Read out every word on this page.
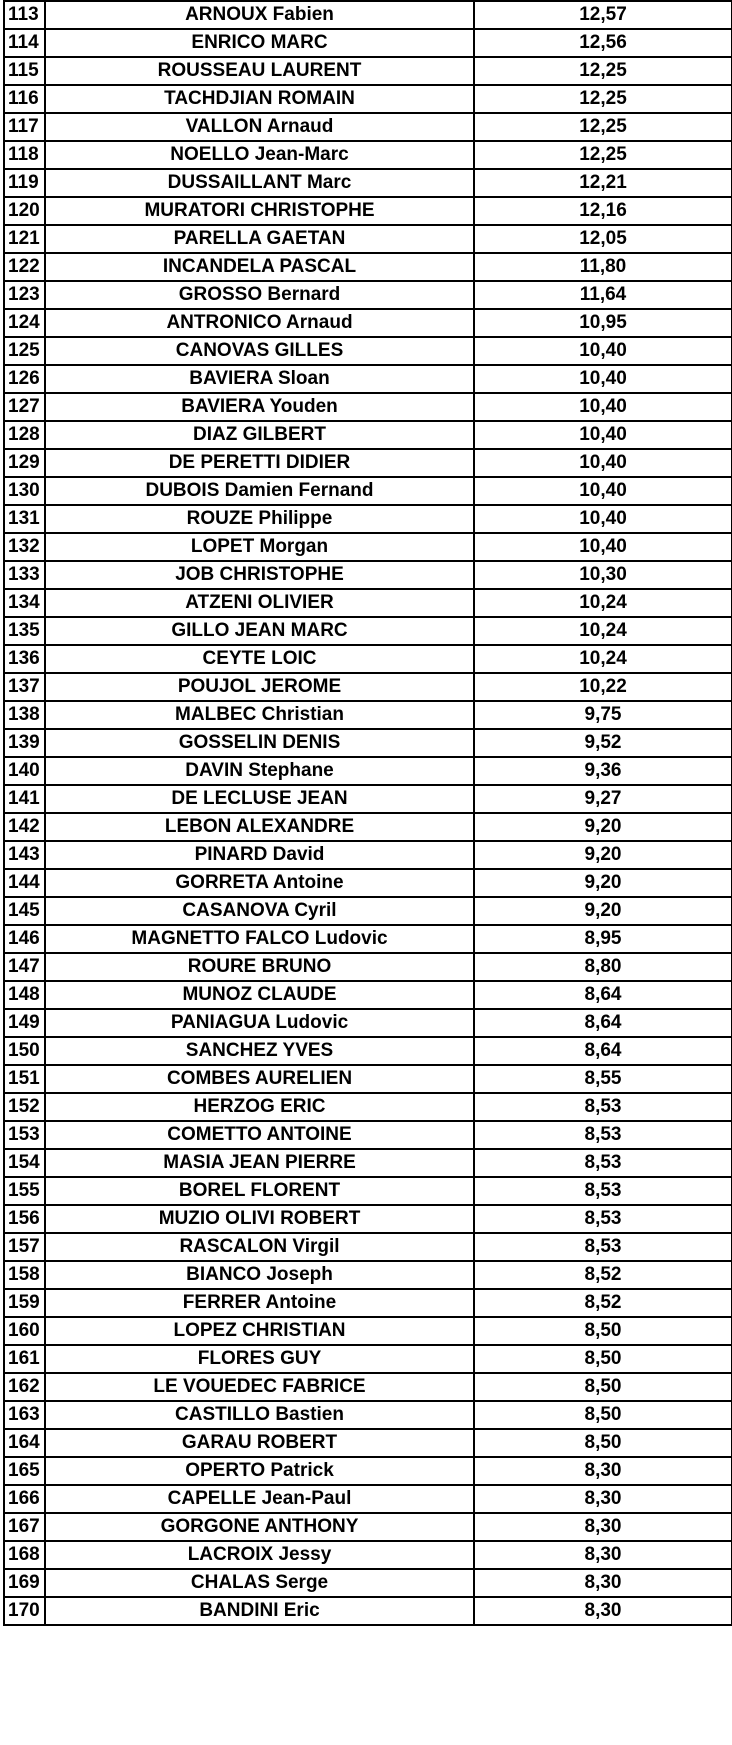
113	ARNOUX Fabien	12,57
114	ENRICO MARC	12,56
115	ROUSSEAU LAURENT	12,25
116	TACHDJIAN ROMAIN	12,25
117	VALLON Arnaud	12,25
118	NOELLO Jean-Marc	12,25
119	DUSSAILLANT Marc	12,21
120	MURATORI CHRISTOPHE	12,16
121	PARELLA GAETAN	12,05
122	INCANDELA PASCAL	11,80
123	GROSSO Bernard	11,64
124	ANTRONICO Arnaud	10,95
125	CANOVAS GILLES	10,40
126	BAVIERA Sloan	10,40
127	BAVIERA Youden	10,40
128	DIAZ GILBERT	10,40
129	DE PERETTI DIDIER	10,40
130	DUBOIS Damien Fernand	10,40
131	ROUZE Philippe	10,40
132	LOPET Morgan	10,40
133	JOB CHRISTOPHE	10,30
134	ATZENI OLIVIER	10,24
135	GILLO JEAN MARC	10,24
136	CEYTE LOIC	10,24
137	POUJOL JEROME	10,22
138	MALBEC Christian	9,75
139	GOSSELIN DENIS	9,52
140	DAVIN Stephane	9,36
141	DE LECLUSE JEAN	9,27
142	LEBON ALEXANDRE	9,20
143	PINARD David	9,20
144	GORRETA Antoine	9,20
145	CASANOVA Cyril	9,20
146	MAGNETTO FALCO Ludovic	8,95
147	ROURE BRUNO	8,80
148	MUNOZ CLAUDE	8,64
149	PANIAGUA Ludovic	8,64
150	SANCHEZ YVES	8,64
151	COMBES AURELIEN	8,55
152	HERZOG ERIC	8,53
153	COMETTO ANTOINE	8,53
154	MASIA JEAN PIERRE	8,53
155	BOREL FLORENT	8,53
156	MUZIO OLIVI ROBERT	8,53
157	RASCALON Virgil	8,53
158	BIANCO Joseph	8,52
159	FERRER Antoine	8,52
160	LOPEZ CHRISTIAN	8,50
161	FLORES GUY	8,50
162	LE VOUEDEC FABRICE	8,50
163	CASTILLO Bastien	8,50
164	GARAU ROBERT	8,50
165	OPERTO Patrick	8,30
166	CAPELLE Jean-Paul	8,30
167	GORGONE ANTHONY	8,30
168	LACROIX Jessy	8,30
169	CHALAS Serge	8,30
170	BANDINI Eric	8,30
